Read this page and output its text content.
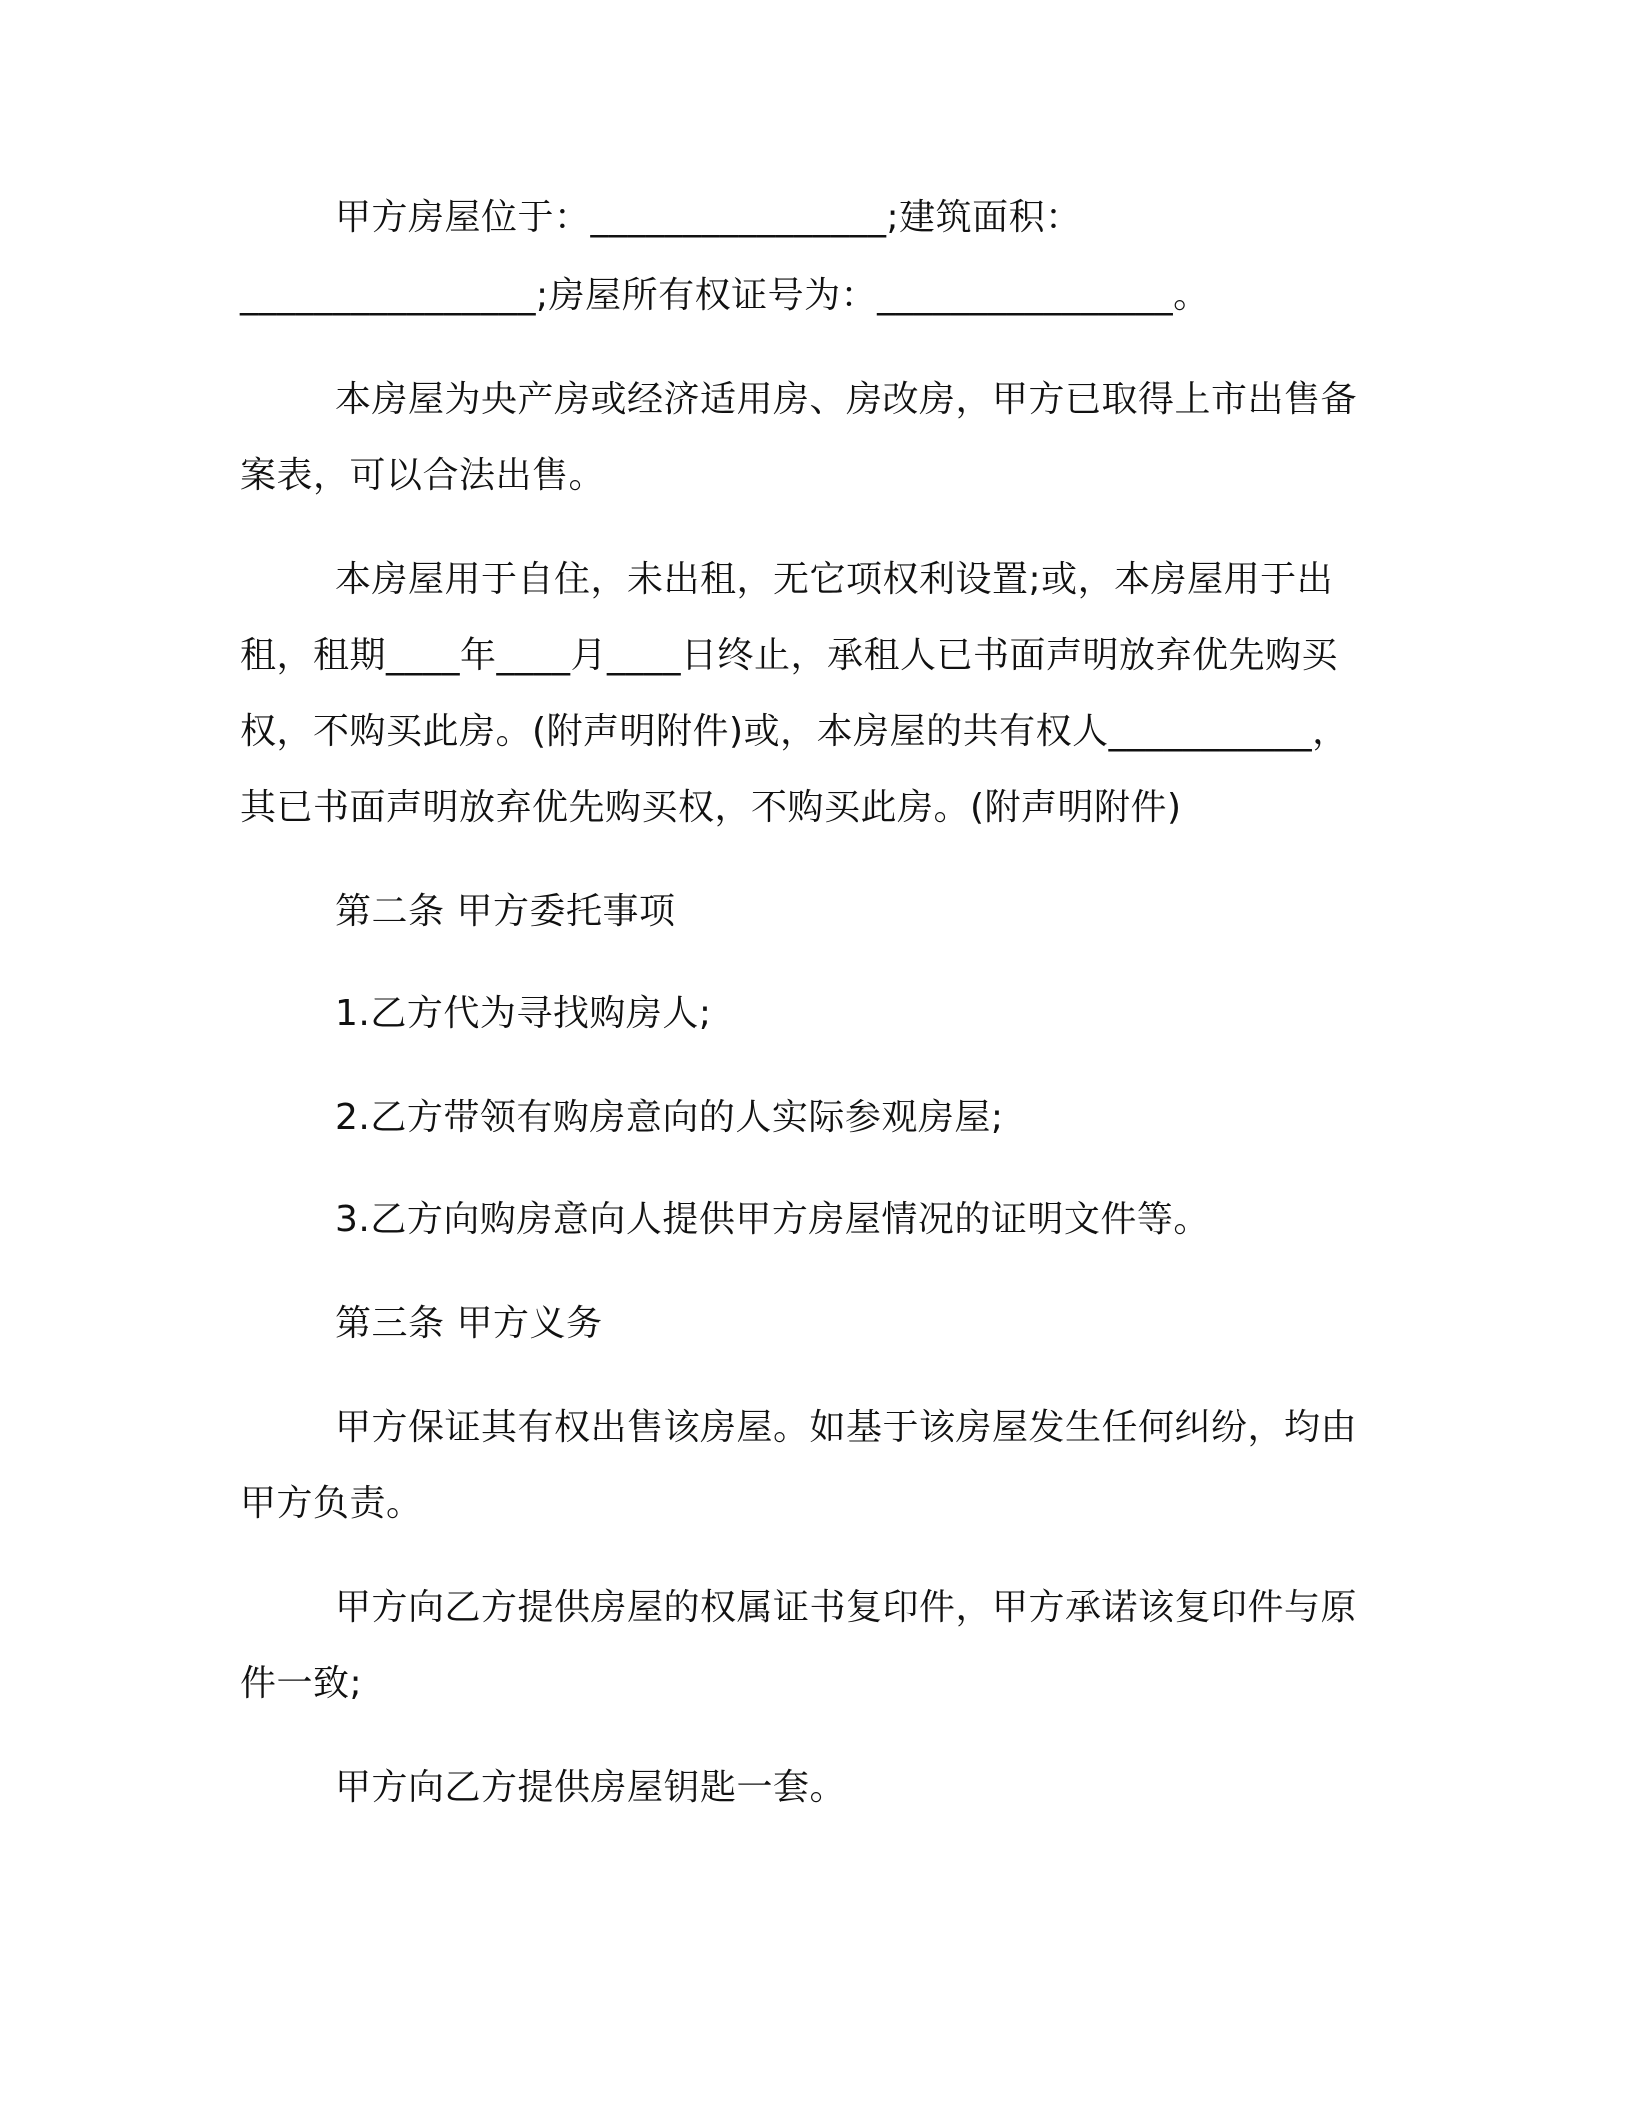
甲方房屋位于：________________;建筑面积：
________________;房屋所有权证号为：________________。
本房屋为央产房或经济适用房、房改房，甲方已取得上市出售备
案表，可以合法出售。
本房屋用于自住，未出租，无它项权利设置;或，本房屋用于出
租，租期____年____月____日终止，承租人已书面声明放弃优先购买
权，不购买此房。(附声明附件)或，本房屋的共有权人___________，
其已书面声明放弃优先购买权，不购买此房。(附声明附件)
第二条 甲方委托事项
1.乙方代为寻找购房人;
2.乙方带领有购房意向的人实际参观房屋;
3.乙方向购房意向人提供甲方房屋情况的证明文件等。
第三条 甲方义务
甲方保证其有权出售该房屋。如基于该房屋发生任何纠纷，均由
甲方负责。
甲方向乙方提供房屋的权属证书复印件，甲方承诺该复印件与原
件一致;
甲方向乙方提供房屋钥匙一套。
